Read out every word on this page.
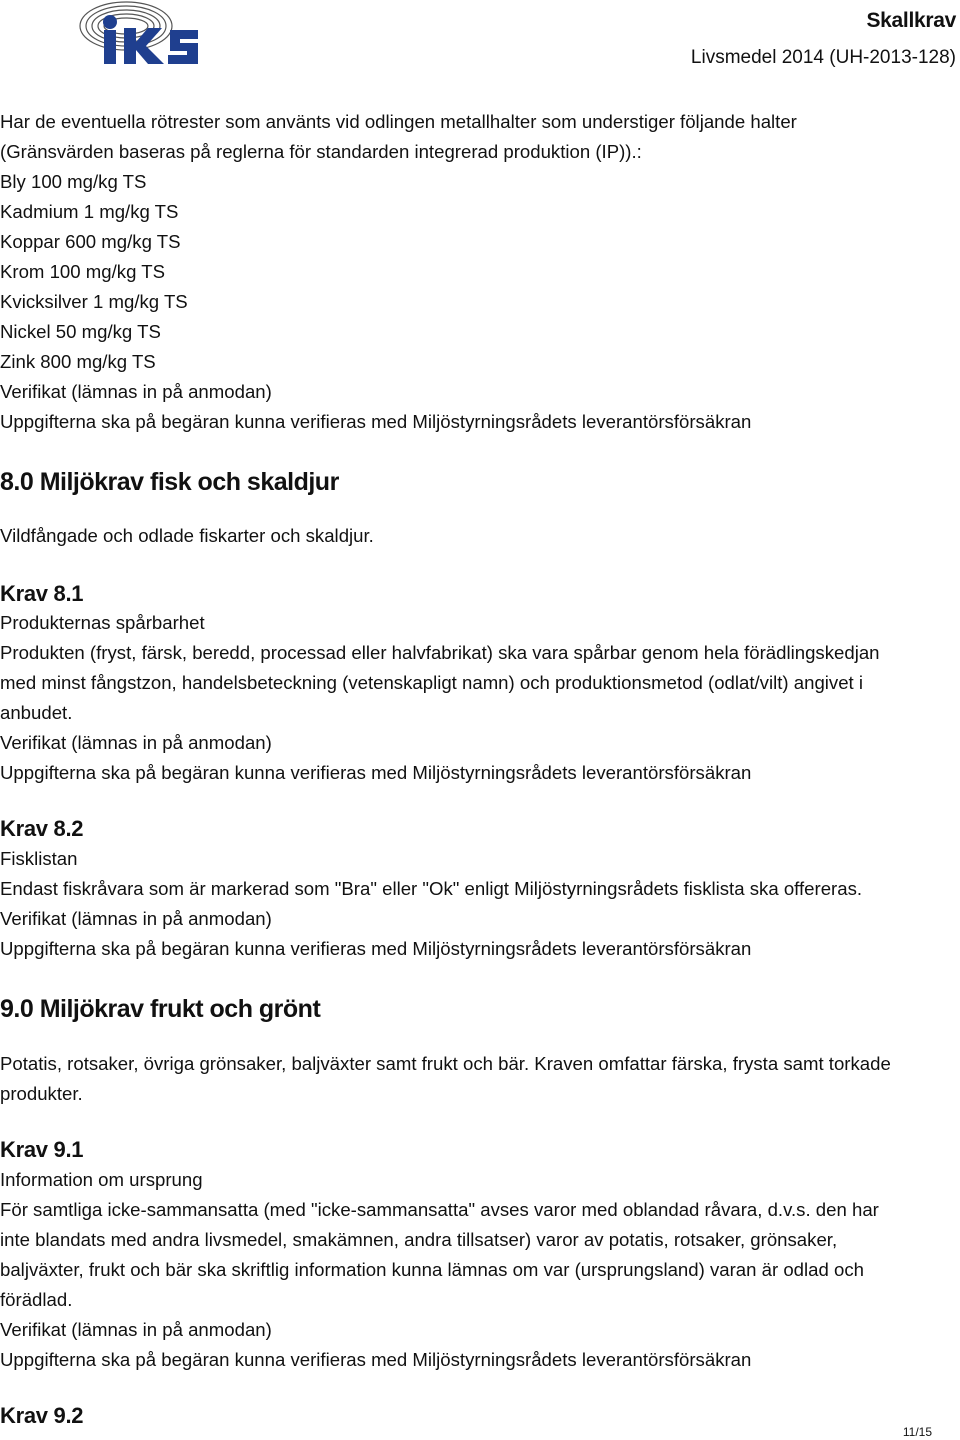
Skallkrav
Livsmedel 2014 (UH-2013-128)
Har de eventuella rötrester som använts vid odlingen metallhalter som understiger följande halter
(Gränsvärden baseras på reglerna för standarden integrerad produktion (IP)).:
Bly 100 mg/kg TS
Kadmium 1 mg/kg TS
Koppar 600 mg/kg TS
Krom 100 mg/kg TS
Kvicksilver 1 mg/kg TS
Nickel 50 mg/kg TS
Zink 800 mg/kg TS
Verifikat (lämnas in på anmodan)
Uppgifterna ska på begäran kunna verifieras med Miljöstyrningsrådets leverantörsförsäkran
8.0 Miljökrav fisk och skaldjur
Vildfångade och odlade fiskarter och skaldjur.
Krav 8.1
Produkternas spårbarhet
Produkten (fryst, färsk, beredd, processad eller halvfabrikat) ska vara spårbar genom hela förädlingskedjan
med minst fångstzon, handelsbeteckning (vetenskapligt namn) och produktionsmetod (odlat/vilt) angivet i
anbudet.
Verifikat (lämnas in på anmodan)
Uppgifterna ska på begäran kunna verifieras med Miljöstyrningsrådets leverantörsförsäkran
Krav 8.2
Fisklistan
Endast fiskråvara som är markerad som "Bra" eller "Ok" enligt Miljöstyrningsrådets fisklista ska offereras.
Verifikat (lämnas in på anmodan)
Uppgifterna ska på begäran kunna verifieras med Miljöstyrningsrådets leverantörsförsäkran
9.0 Miljökrav frukt och grönt
Potatis, rotsaker, övriga grönsaker, baljväxter samt frukt och bär. Kraven omfattar färska, frysta samt torkade
produkter.
Krav 9.1
Information om ursprung
För samtliga icke-sammansatta (med "icke-sammansatta" avses varor med oblandad råvara, d.v.s. den har
inte blandats med andra livsmedel, smakämnen, andra tillsatser) varor av potatis, rotsaker, grönsaker,
baljväxter, frukt och bär ska skriftlig information kunna lämnas om var (ursprungsland) varan är odlad och
förädlad.
Verifikat (lämnas in på anmodan)
Uppgifterna ska på begäran kunna verifieras med Miljöstyrningsrådets leverantörsförsäkran
Krav 9.2
11/15
